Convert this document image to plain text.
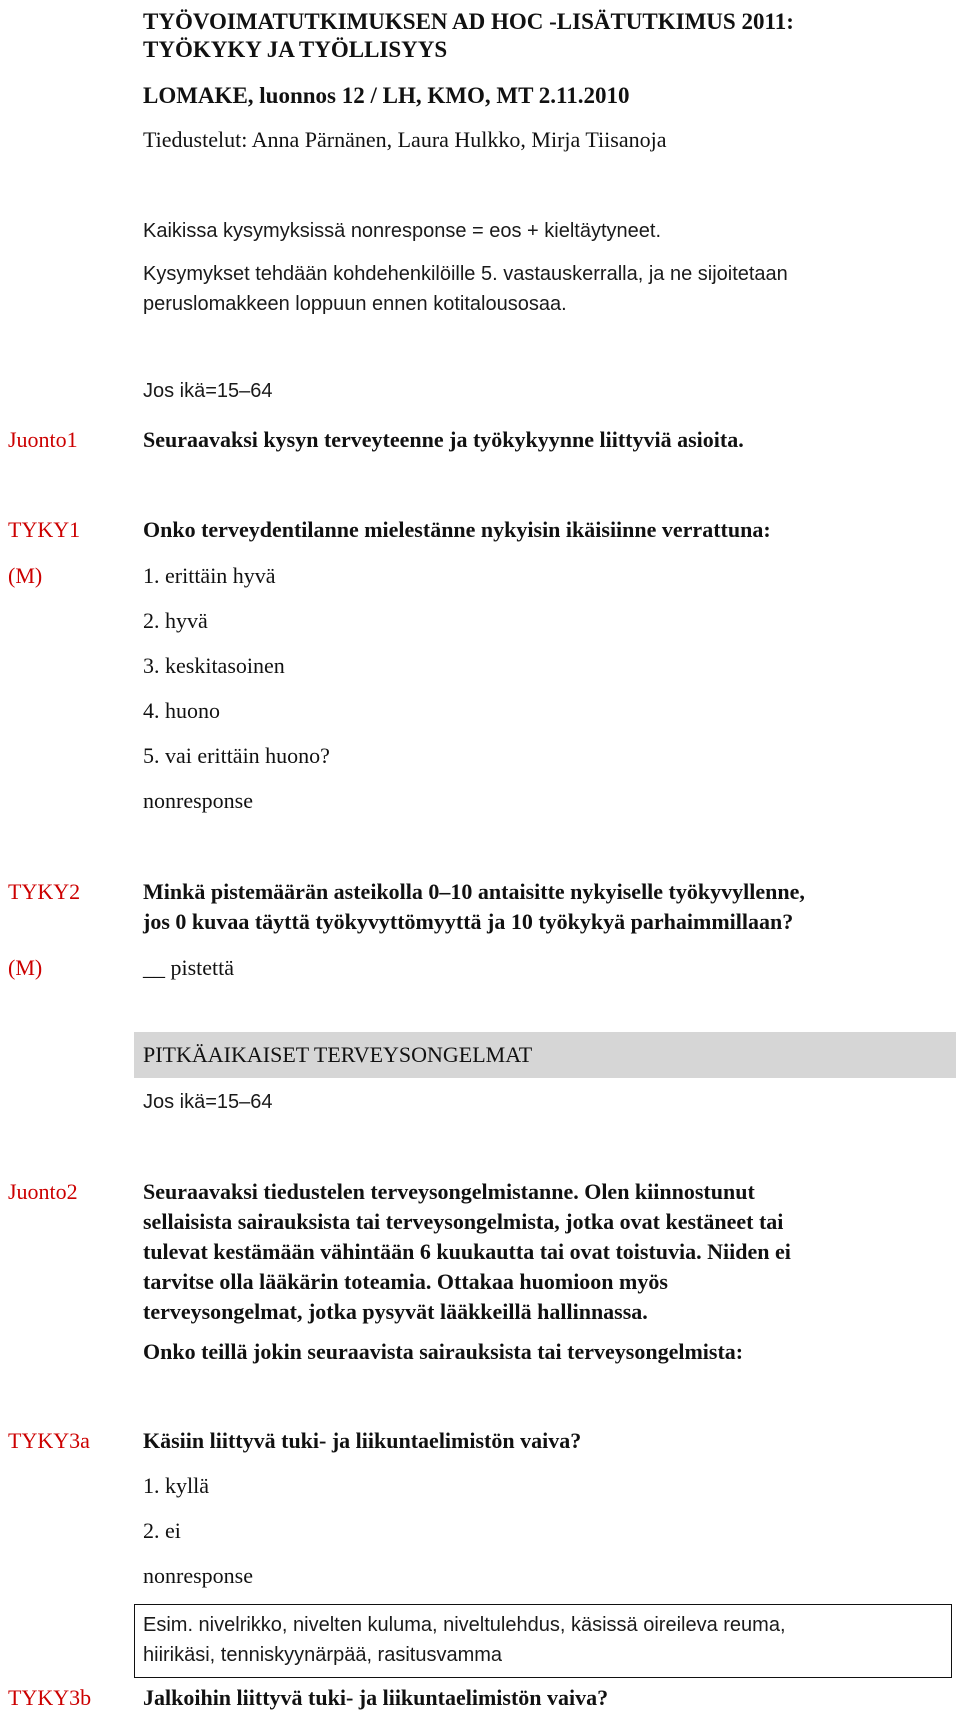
TYÖVOIMATUTKIMUKSEN AD HOC -LISÄTUTKIMUS 2011:
TYÖKYKY JA TYÖLLISYYS
LOMAKE, luonnos 12 / LH, KMO, MT 2.11.2010
Tiedustelut: Anna Pärnänen, Laura Hulkko, Mirja Tiisanoja
Kaikissa kysymyksissä nonresponse = eos + kieltäytyneet.
Kysymykset tehdään kohdehenkilöille 5. vastauskerralla, ja ne sijoitetaan
peruslomakkeen loppuun ennen kotitalousosaa.
Jos ikä=15–64
Juonto1	Seuraavaksi kysyn terveyteenne ja työkykyynne liittyviä asioita.
TYKY1	Onko terveydentilanne mielestänne nykyisin ikäisiinne verrattuna:
(M)	1. erittäin hyvä
2. hyvä
3. keskitasoinen
4. huono
5. vai erittäin huono?
nonresponse
TYKY2	Minkä pistemäärän asteikolla 0–10 antaisitte nykyiselle työkyvyllenne,
jos 0 kuvaa täyttä työkyvyttömyyttä ja 10 työkykyä parhaimmillaan?
(M)	__ pistettä
PITKÄAIKAISET TERVEYSONGELMAT
Jos ikä=15–64
Juonto2	Seuraavaksi tiedustelen terveysongelmistanne. Olen kiinnostunut
sellaisista sairauksista tai terveysongelmista, jotka ovat kestäneet tai
tulevat kestämään vähintään 6 kuukautta tai ovat toistuvia. Niiden ei
tarvitse olla lääkärin toteamia. Ottakaa huomioon myös
terveysongelmat, jotka pysyvät lääkkeillä hallinnassa.
Onko teillä jokin seuraavista sairauksista tai terveysongelmista:
TYKY3a Käsiin liittyvä tuki- ja liikuntaelimistön vaiva?
1. kyllä
2. ei
nonresponse
Esim. nivelrikko, nivelten kuluma, niveltulehdus, käsissä oireileva reuma,
hiirikäsi, tenniskyynärpää, rasitusvamma
TYKY3b Jalkoihin liittyvä tuki- ja liikuntaelimistön vaiva?
